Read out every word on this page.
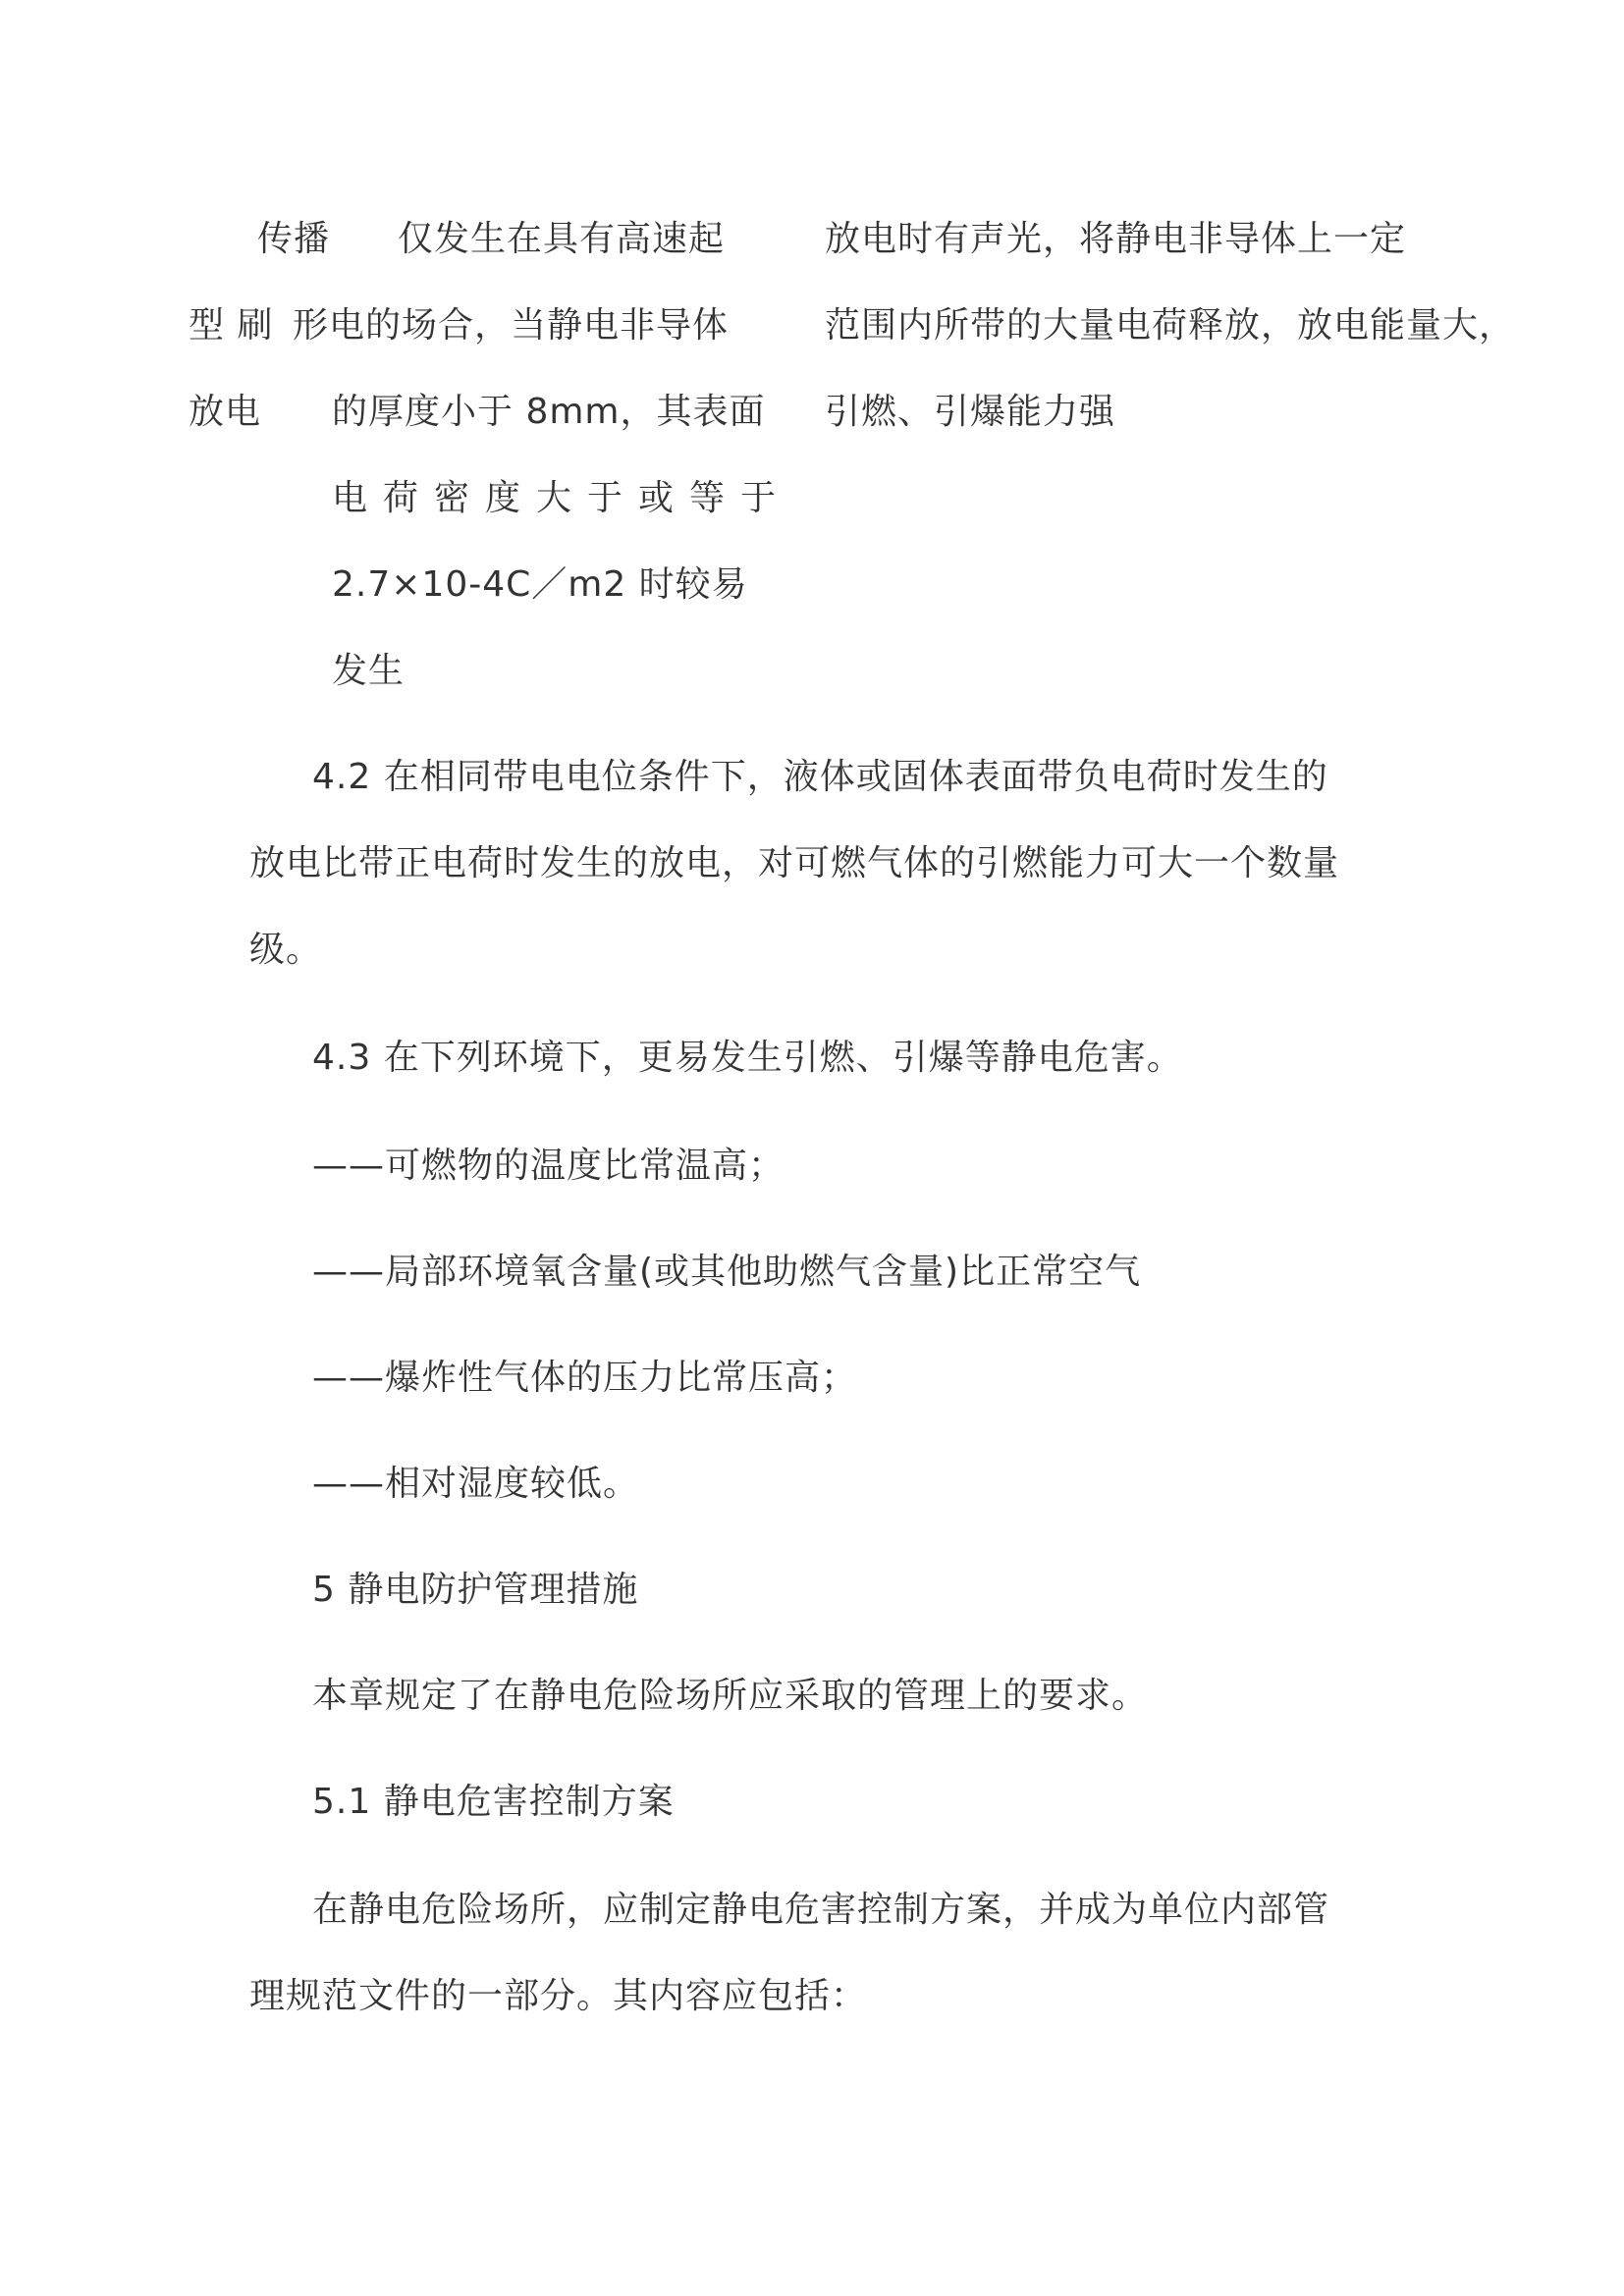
传播 仅发生在具有高速起	放电时有声光，将静电非导体上一定
型 刷 形电的场合，当静电非导体	范围内所带的大量电荷释放，放电能量大，
放电 的厚度小于 8mm，其表面 引燃、引爆能力强
电荷密度大于或等于
2.7×10-4C／m2 时较易
发生
4.2 在相同带电电位条件下，液体或固体表面带负电荷时发生的
放电比带正电荷时发生的放电，对可燃气体的引燃能力可大一个数量
级。
4.3 在下列环境下，更易发生引燃、引爆等静电危害。
——可燃物的温度比常温高；
——局部环境氧含量(或其他助燃气含量)比正常空气
——爆炸性气体的压力比常压高；
——相对湿度较低。
5 静电防护管理措施
本章规定了在静电危险场所应采取的管理上的要求。
5.1 静电危害控制方案
在静电危险场所，应制定静电危害控制方案，并成为单位内部管
理规范文件的一部分。其内容应包括：
